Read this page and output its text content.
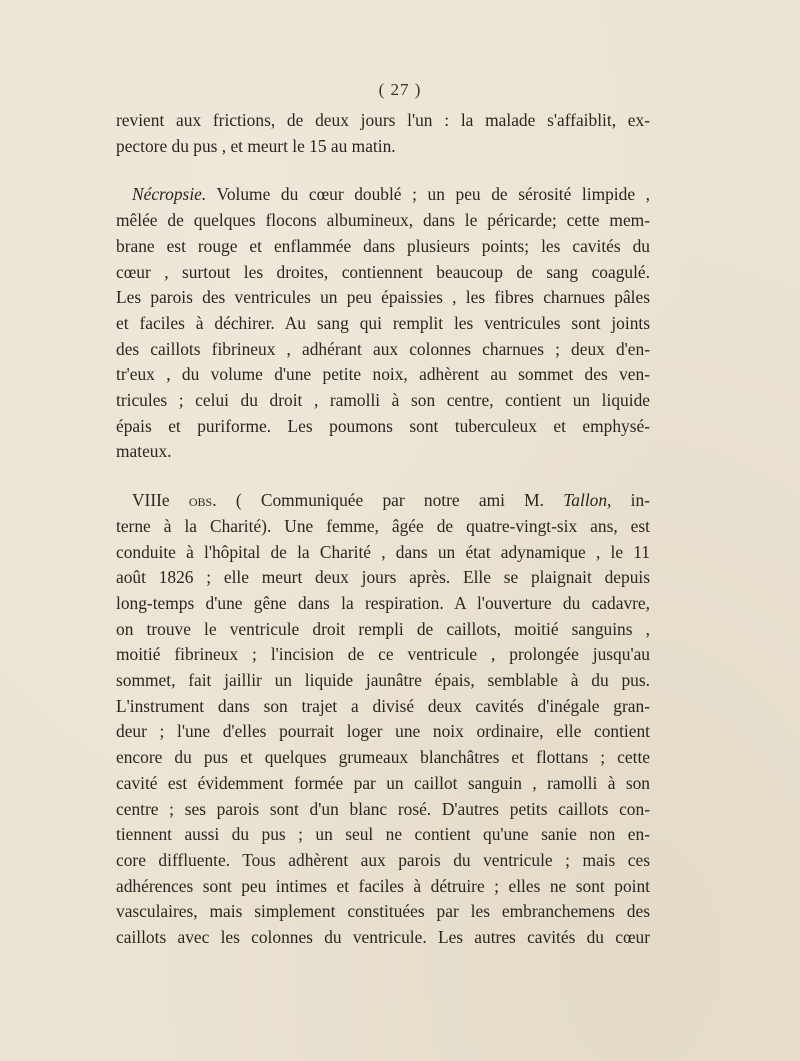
( 27 )
revient aux frictions, de deux jours l'un : la malade s'affaiblit, ex-
pectore du pus , et meurt le 15 au matin.
Nécropsie. Volume du cœur doublé ; un peu de sérosité limpide ,
mêlée de quelques flocons albumineux, dans le péricarde; cette mem-
brane est rouge et enflammée dans plusieurs points; les cavités du
cœur , surtout les droites, contiennent beaucoup de sang coagulé.
Les parois des ventricules un peu épaissies , les fibres charnues pâles
et faciles à déchirer. Au sang qui remplit les ventricules sont joints
des caillots fibrineux , adhérant aux colonnes charnues ; deux d'en-
tr'eux , du volume d'une petite noix, adhèrent au sommet des ven-
tricules ; celui du droit , ramolli à son centre, contient un liquide
épais et puriforme. Les poumons sont tuberculeux et emphysé-
mateux.
VIIIe obs. ( Communiquée par notre ami M. Tallon, in-
terne à la Charité). Une femme, âgée de quatre-vingt-six ans, est
conduite à l'hôpital de la Charité , dans un état adynamique , le 11
août 1826 ; elle meurt deux jours après. Elle se plaignait depuis
long-temps d'une gêne dans la respiration. A l'ouverture du cadavre,
on trouve le ventricule droit rempli de caillots, moitié sanguins ,
moitié fibrineux ; l'incision de ce ventricule , prolongée jusqu'au
sommet, fait jaillir un liquide jaunâtre épais, semblable à du pus.
L'instrument dans son trajet a divisé deux cavités d'inégale gran-
deur ; l'une d'elles pourrait loger une noix ordinaire, elle contient
encore du pus et quelques grumeaux blanchâtres et flottans ; cette
cavité est évidemment formée par un caillot sanguin , ramolli à son
centre ; ses parois sont d'un blanc rosé. D'autres petits caillots con-
tiennent aussi du pus ; un seul ne contient qu'une sanie non en-
core diffluente. Tous adhèrent aux parois du ventricule ; mais ces
adhérences sont peu intimes et faciles à détruire ; elles ne sont point
vasculaires, mais simplement constituées par les embranchemens des
caillots avec les colonnes du ventricule. Les autres cavités du cœur
